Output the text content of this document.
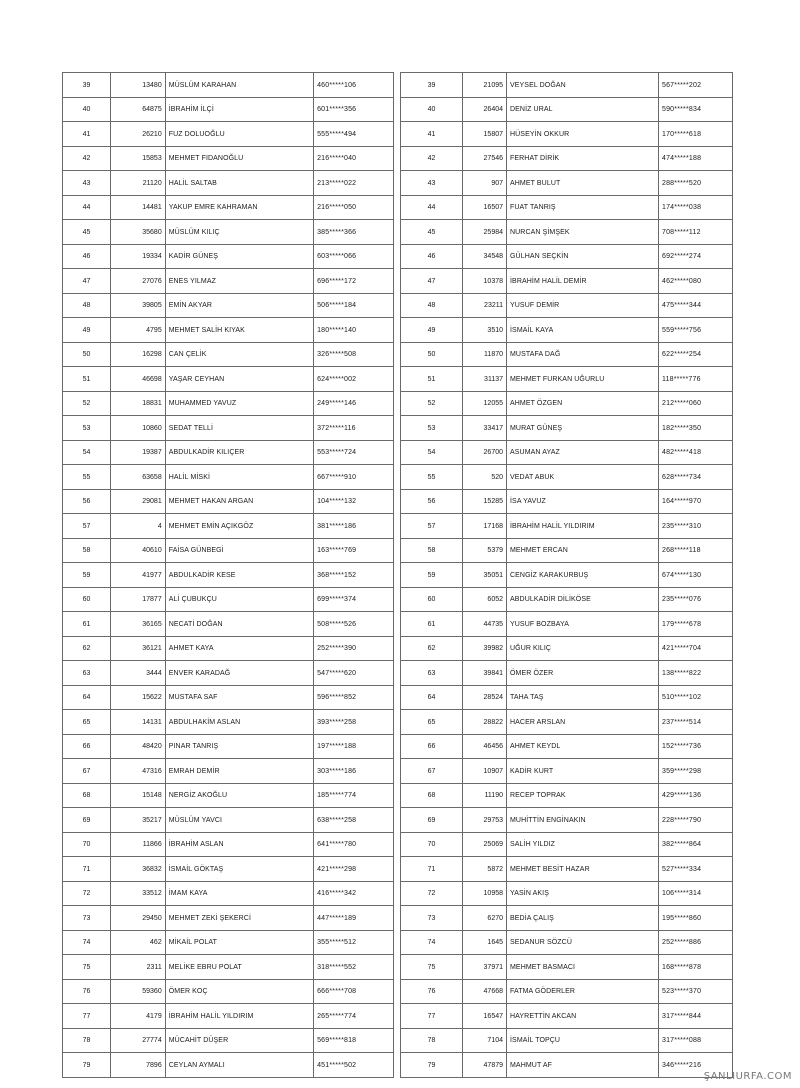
39	13480	MÜSLÜM KARAHAN	460*****106
40	64875	İBRAHİM İLÇİ	601*****356
41	26210	FUZ DOLUOĞLU	555*****494
42	15853	MEHMET FIDANOĞLU	216*****040
43	21120	HALİL SALTAB	213*****022
44	14481	YAKUP EMRE KAHRAMAN	216*****050
45	35680	MÜSLÜM KILIÇ	385*****366
46	19334	KADİR GÜNEŞ	603*****066
47	27076	ENES YILMAZ	696*****172
48	39805	EMİN AKYAR	506*****184
49	4795	MEHMET SALİH KIYAK	180*****140
50	16298	CAN ÇELİK	326*****508
51	46698	YAŞAR CEYHAN	624*****002
52	18831	MUHAMMED YAVUZ	249*****146
53	10860	SEDAT TELLİ	372*****116
54	19387	ABDULKADİR KILIÇER	553*****724
55	63658	HALİL MİSKİ	667*****910
56	29081	MEHMET HAKAN ARGAN	104*****132
57	4	MEHMET EMİN AÇIKGÖZ	381*****186
58	40610	FAİSA GÜNBEGİ	163*****769
59	41977	ABDULKADİR KESE	368*****152
60	17877	ALİ ÇUBUKÇU	699*****374
61	36165	NECATİ DOĞAN	508*****526
62	36121	AHMET KAYA	252*****390
63	3444	ENVER KARADAĞ	547*****620
64	15622	MUSTAFA SAF	596*****852
65	14131	ABDULHAKİM ASLAN	393*****258
66	48420	PINAR TANRIŞ	197*****188
67	47316	EMRAH DEMİR	303*****186
68	15148	NERGİZ AKOĞLU	185*****774
69	35217	MÜSLÜM YAVCI	638*****258
70	11866	İBRAHİM ASLAN	641*****780
71	36832	İSMAİL GÖKTAŞ	421*****298
72	33512	İMAM KAYA	416*****342
73	29450	MEHMET ZEKİ ŞEKERCİ	447*****189
74	462	MİKAİL POLAT	355*****512
75	2311	MELİKE EBRU POLAT	318*****552
76	59360	ÖMER KOÇ	666*****708
77	4179	İBRAHİM HALİL YILDIRIM	265*****774
78	27774	MÜCAHİT DÜŞER	569*****818
79	7896	CEYLAN AYMALI	451*****502
39	21095	VEYSEL DOĞAN	567*****202
40	26404	DENİZ URAL	590*****834
41	15807	HÜSEYİN OKKUR	170*****618
42	27546	FERHAT DİRİK	474*****188
43	907	AHMET BULUT	288*****520
44	16507	FUAT TANRIŞ	174*****038
45	25984	NURCAN ŞİMŞEK	708*****112
46	34548	GÜLHAN SEÇKİN	692*****274
47	10378	İBRAHİM HALİL DEMİR	462*****080
48	23211	YUSUF DEMİR	475*****344
49	3510	İSMAİL KAYA	559*****756
50	11870	MUSTAFA DAĞ	622*****254
51	31137	MEHMET FURKAN UĞURLU	118*****776
52	12055	AHMET ÖZGEN	212*****060
53	33417	MURAT GÜNEŞ	182*****350
54	26700	ASUMAN AYAZ	482*****418
55	520	VEDAT ABUK	628*****734
56	15285	İSA YAVUZ	164*****970
57	17168	İBRAHİM HALİL YILDIRIM	235*****310
58	5379	MEHMET ERCAN	268*****118
59	35051	CENGİZ KARAKURBUŞ	674*****130
60	6052	ABDULKADİR DİLİKÖSE	235*****076
61	44735	YUSUF BOZBAYA	179*****678
62	39982	UĞUR KILIÇ	421*****704
63	39841	ÖMER ÖZER	138*****822
64	28524	TAHA TAŞ	510*****102
65	28822	HACER ARSLAN	237*****514
66	46456	AHMET KEYDL	152*****736
67	10907	KADİR KURT	359*****298
68	11190	RECEP TOPRAK	429*****136
69	29753	MUHİTTİN ENGİNAKIN	228*****790
70	25069	SALİH YILDIZ	382*****864
71	5872	MEHMET BESİT HAZAR	527*****334
72	10958	YASİN AKIŞ	106*****314
73	6270	BEDİA ÇALIŞ	195*****860
74	1645	SEDANUR SÖZCÜ	252*****886
75	37971	MEHMET BASMACI	168*****878
76	47668	FATMA GÖDERLER	523*****370
77	16547	HAYRETTİN AKCAN	317*****844
78	7104	İSMAİL TOPÇU	317*****088
79	47879	MAHMUT AF	346*****216
ŞANLIURFA.COM
